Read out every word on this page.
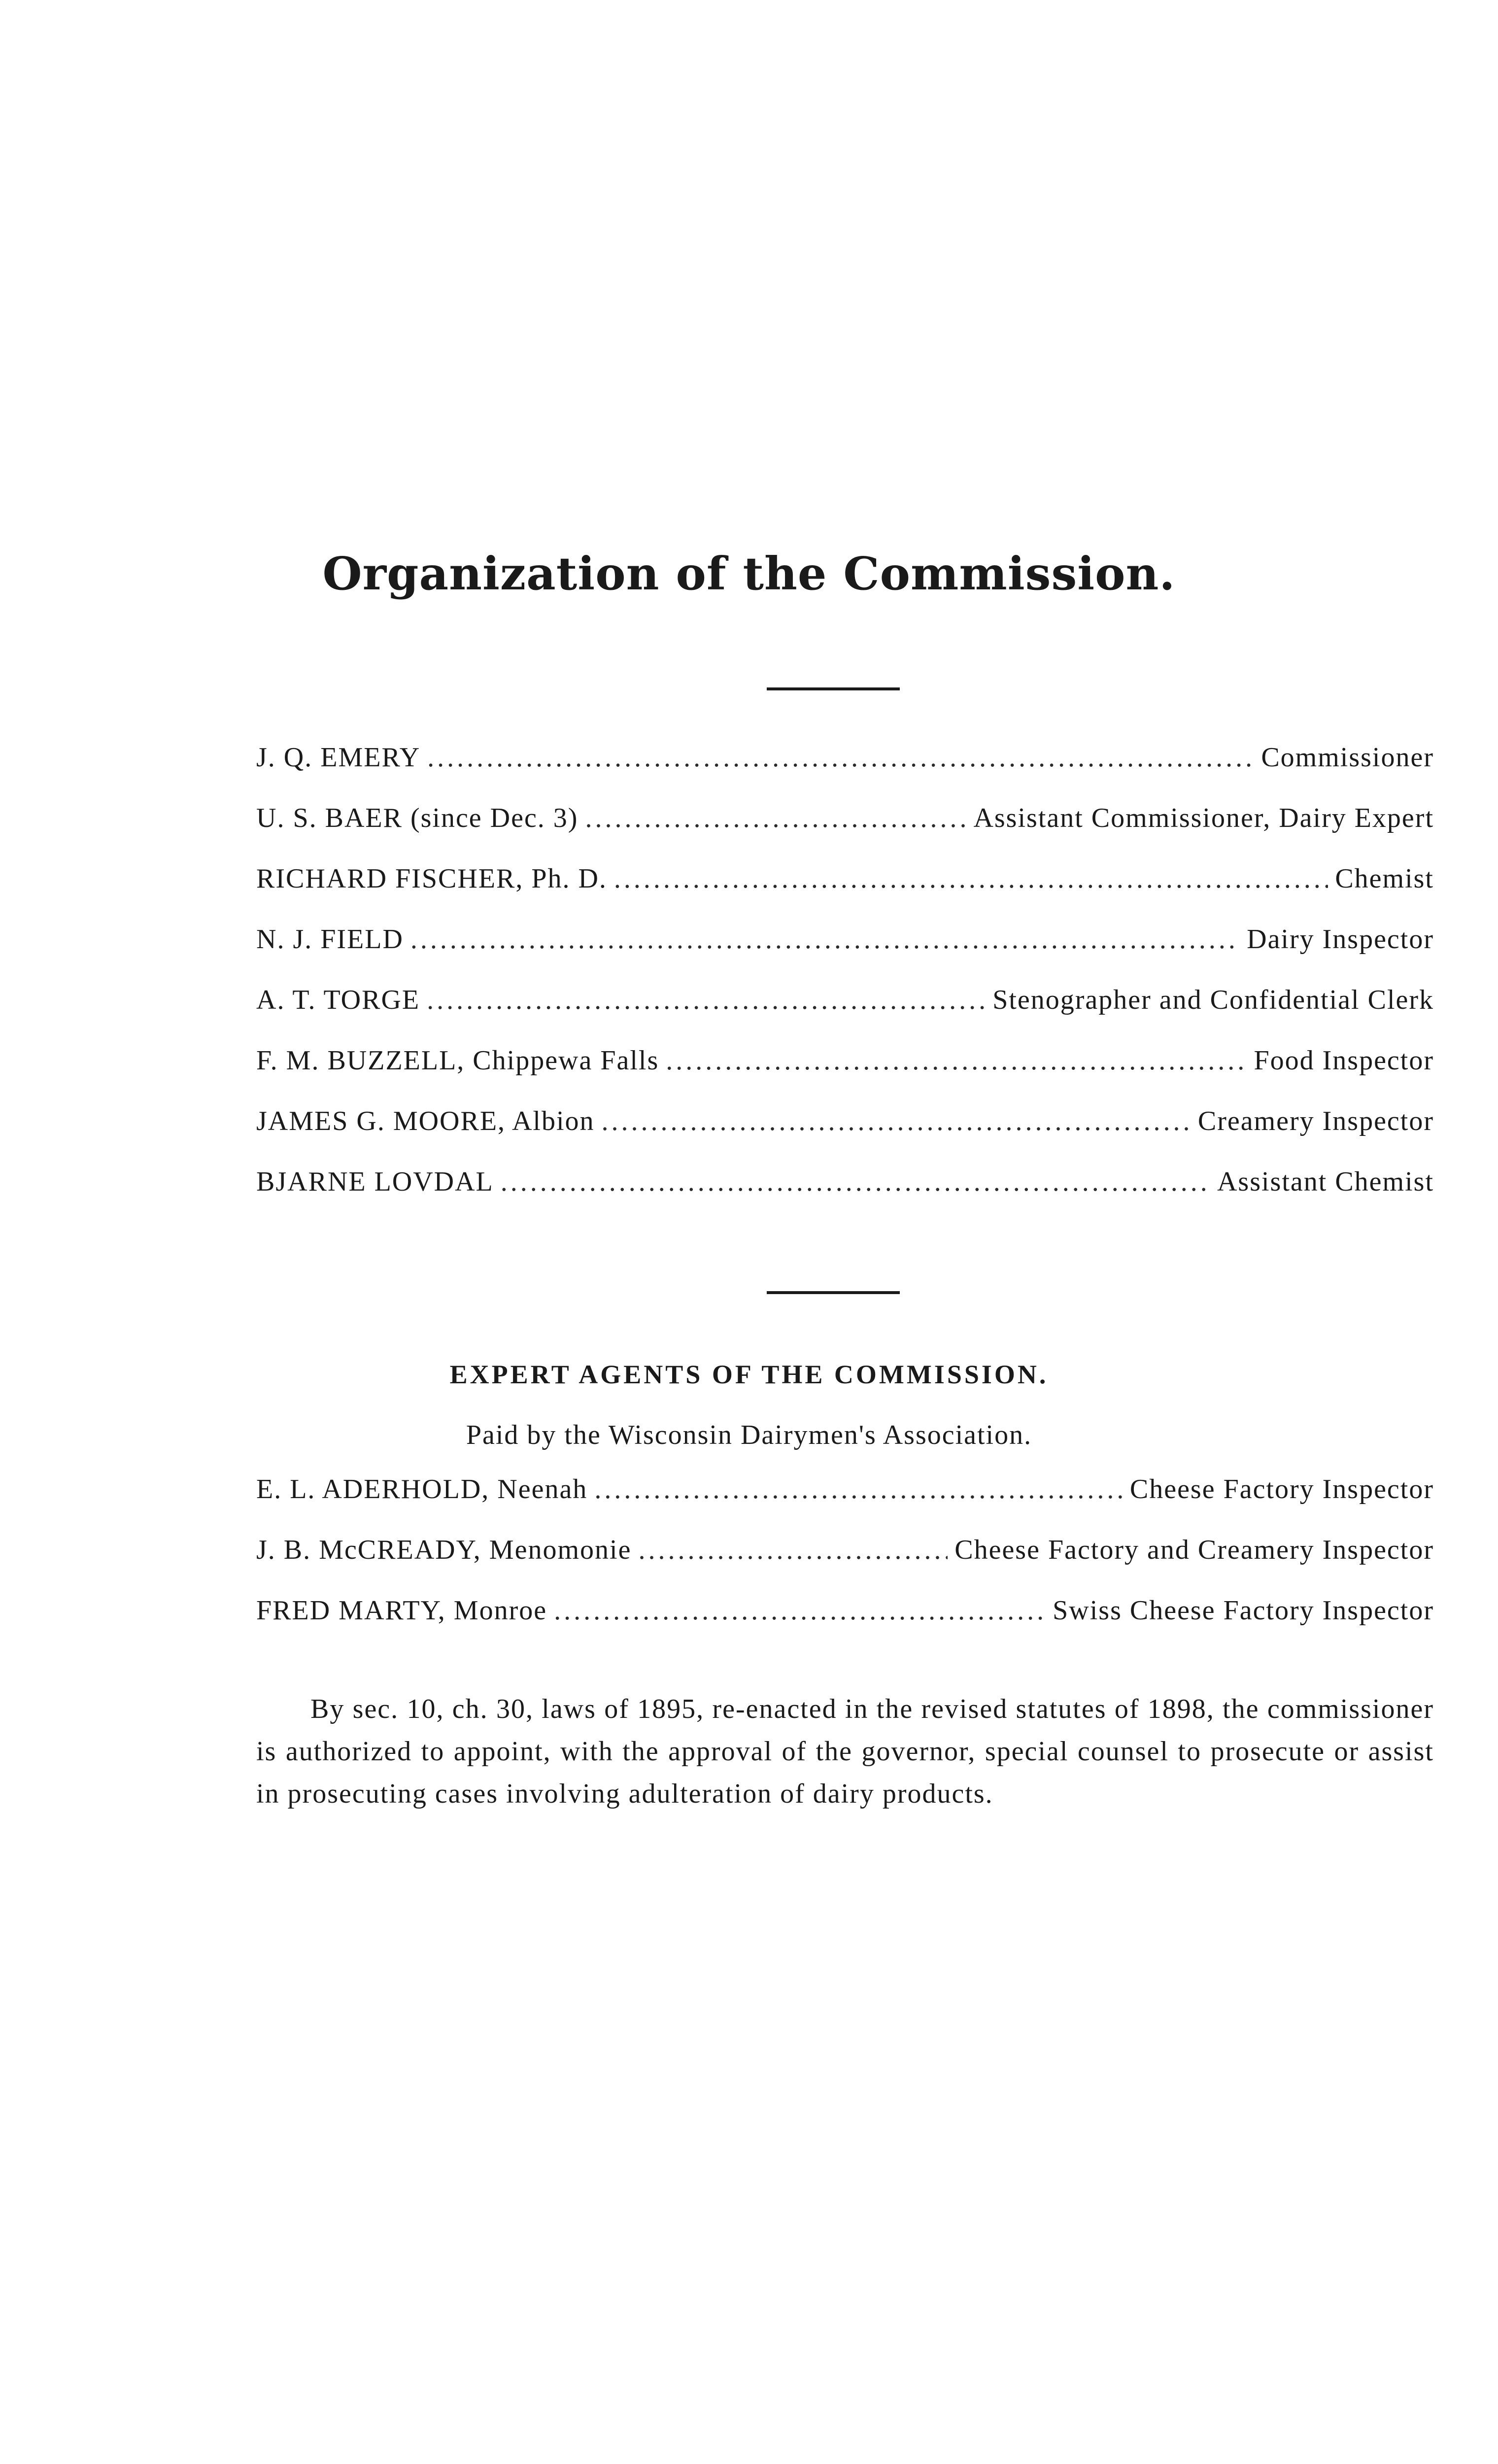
Organization of the Commission.
J. Q. EMERY .....	Commissioner
U. S. BAER (since Dec. 3) .....	Assistant Commissioner, Dairy Expert
RICHARD FISCHER, Ph. D. .....	Chemist
N. J. FIELD .....	Dairy Inspector
A. T. TORGE .....	Stenographer and Confidential Clerk
F. M. BUZZELL, Chippewa Falls .....	Food Inspector
JAMES G. MOORE, Albion .....	Creamery Inspector
BJARNE LOVDAL .....	Assistant Chemist
EXPERT AGENTS OF THE COMMISSION.
Paid by the Wisconsin Dairymen's Association.
E. L. ADERHOLD, Neenah .....	Cheese Factory Inspector
J. B. McCREADY, Menomonie .....	Cheese Factory and Creamery Inspector
FRED MARTY, Monroe .....	Swiss Cheese Factory Inspector
By sec. 10, ch. 30, laws of 1895, re-enacted in the revised statutes of 1898, the commissioner is authorized to appoint, with the approval of the governor, special counsel to prosecute or assist in prosecuting cases involving adulteration of dairy products.
